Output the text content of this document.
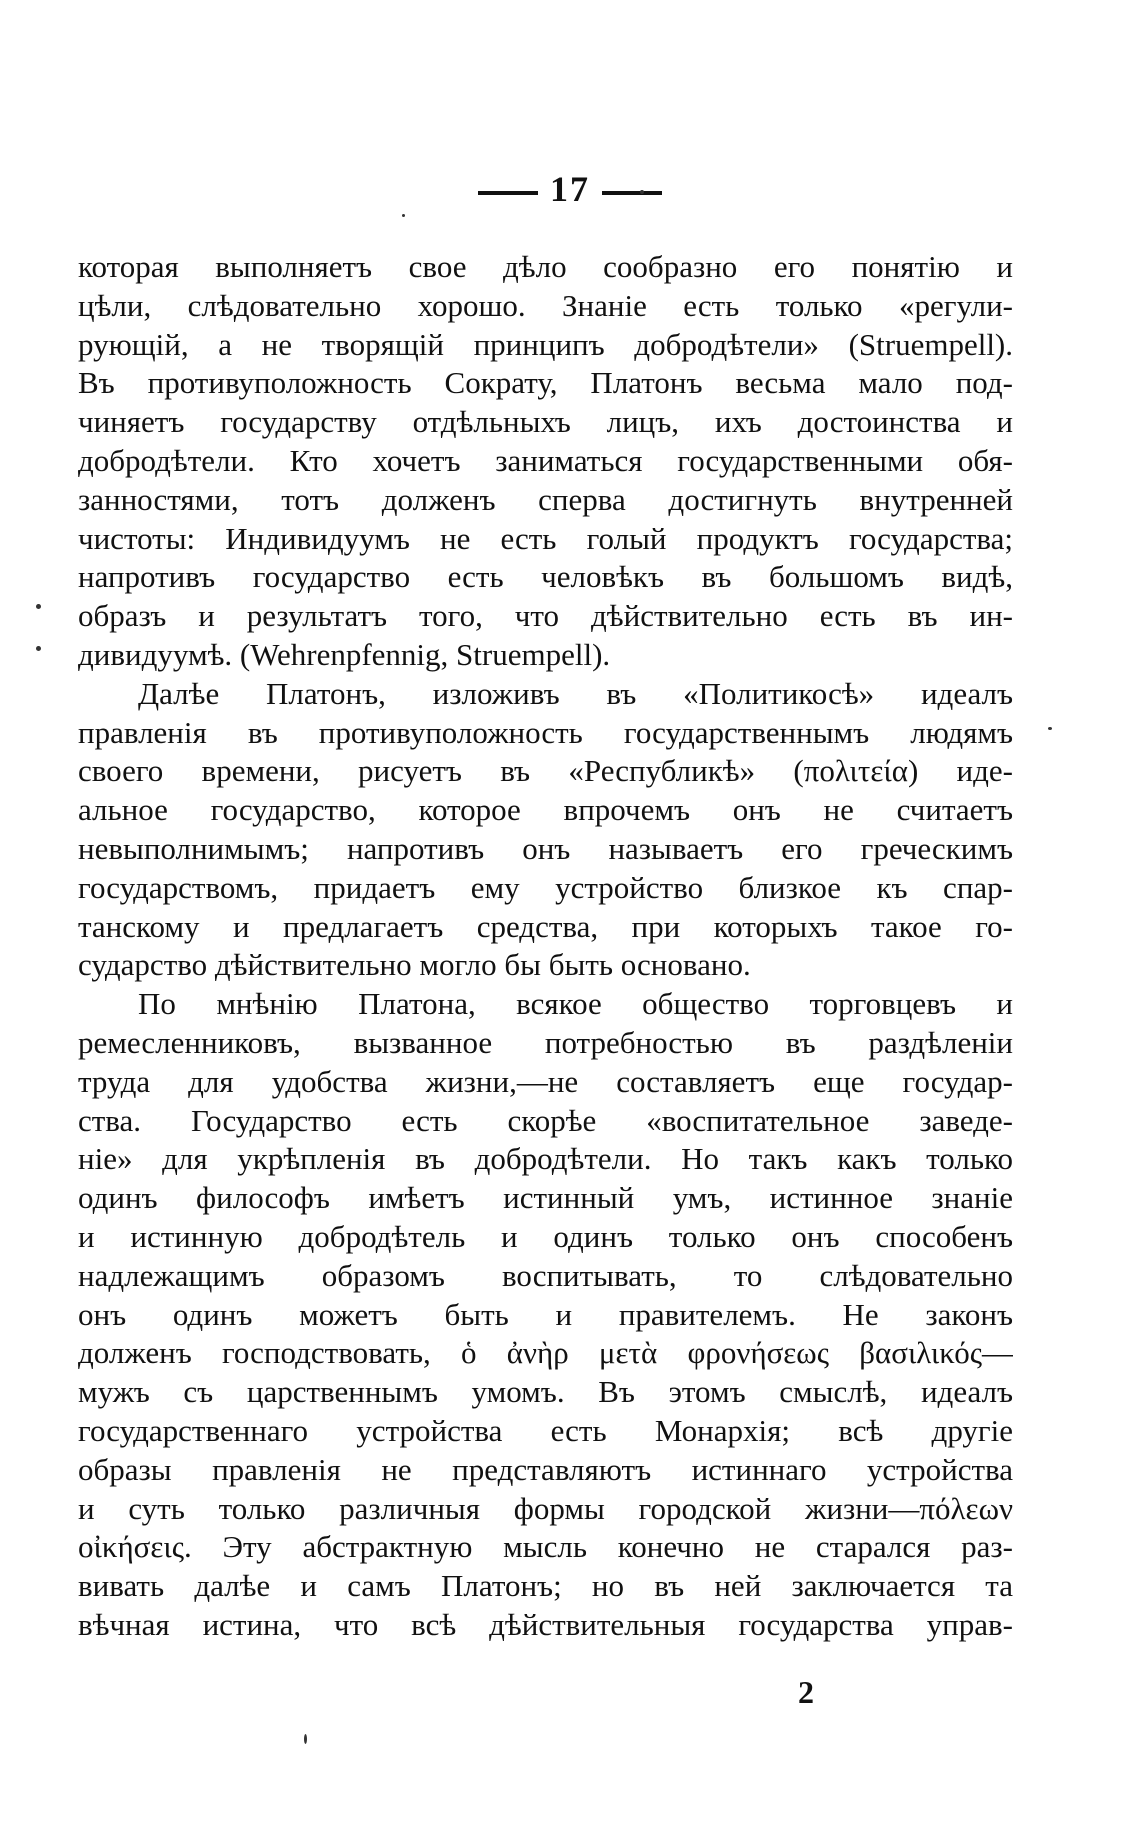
17
которая выполняетъ свое дѣло сообразно его понятію и
цѣли, слѣдовательно хорошо. Знаніе есть только «регули-
рующій, а не творящій принципъ добродѣтели» (Struempell).
Въ противуположность Сократу, Платонъ весьма мало под-
чиняетъ государству отдѣльныхъ лицъ, ихъ достоинства и
добродѣтели. Кто хочетъ заниматься государственными обя-
занностями, тотъ долженъ сперва достигнуть внутренней
чистоты: Индивидуумъ не есть голый продуктъ государства;
напротивъ государство есть человѣкъ въ большомъ видѣ,
образъ и результатъ того, что дѣйствительно есть въ ин-
дивидуумѣ. (Wehrenpfennig, Struempell).
Далѣе Платонъ, изложивъ въ «Политикосѣ» идеалъ
правленія въ противуположность государственнымъ людямъ
своего времени, рисуетъ въ «Республикѣ» (πολιτεία) иде-
альное государство, которое впрочемъ онъ не считаетъ
невыполнимымъ; напротивъ онъ называетъ его греческимъ
государствомъ, придаетъ ему устройство близкое къ спар-
танскому и предлагаетъ средства, при которыхъ такое го-
сударство дѣйствительно могло бы быть основано.
По мнѣнію Платона, всякое общество торговцевъ и
ремесленниковъ, вызванное потребностью въ раздѣленіи
труда для удобства жизни,—не составляетъ еще государ-
ства. Государство есть скорѣе «воспитательное заведе-
ніе» для укрѣпленія въ добродѣтели. Но такъ какъ только
одинъ философъ имѣетъ истинный умъ, истинное знаніе
и истинную добродѣтель и одинъ только онъ способенъ
надлежащимъ образомъ воспитывать, то слѣдовательно
онъ одинъ можетъ быть и правителемъ. Не законъ
долженъ господствовать, ὁ ἀνὴρ μετὰ φρονήσεως βασιλικός—
мужъ съ царственнымъ умомъ. Въ этомъ смыслѣ, идеалъ
государственнаго устройства есть Монархія; всѣ другіе
образы правленія не представляютъ истиннаго устройства
и суть только различныя формы городской жизни—πόλεων
οἰκήσεις. Эту абстрактную мысль конечно не старался раз-
вивать далѣе и самъ Платонъ; но въ ней заключается та
вѣчная истина, что всѣ дѣйствительныя государства управ-
2
